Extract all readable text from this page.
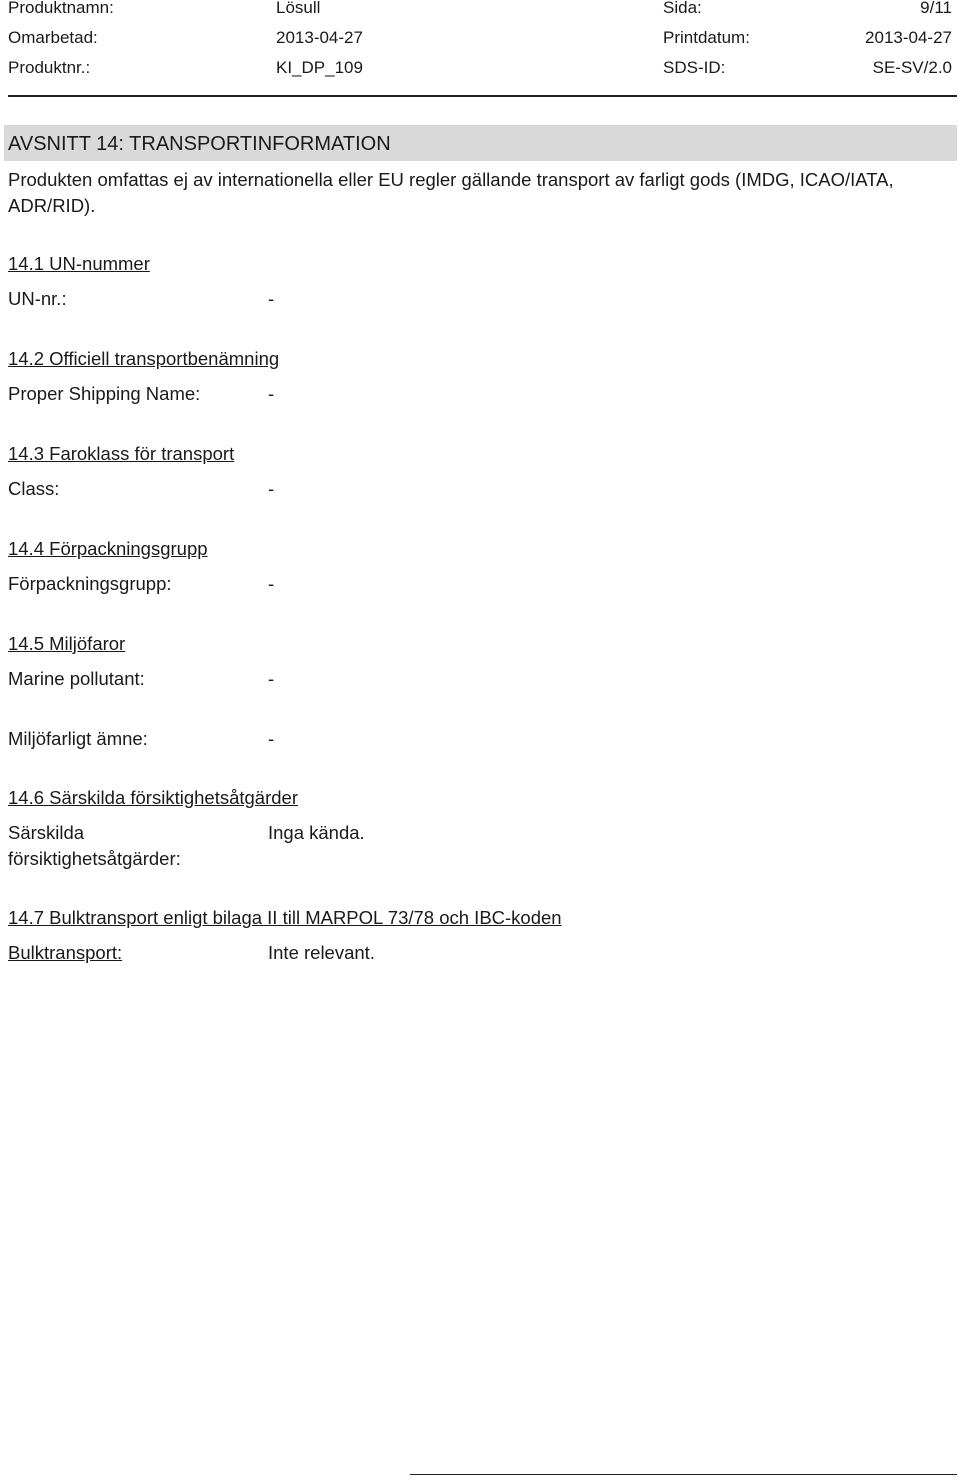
Produktnamn:	Lösull	Sida:	9/11
Omarbetad:	2013-04-27	Printdatum:	2013-04-27
Produktnr.:	KI_DP_109	SDS-ID:	SE-SV/2.0
AVSNITT 14: TRANSPORTINFORMATION

Produkten omfattas ej av internationella eller EU regler gällande transport av farligt gods (IMDG, ICAO/IATA, ADR/RID).

14.1 UN-nummer
UN-nr.:	-
14.2 Officiell transportbenämning
Proper Shipping Name:	-
14.3 Faroklass för transport
Class:	-
14.4 Förpackningsgrupp
Förpackningsgrupp:	-
14.5 Miljöfaror
Marine pollutant:	-
Miljöfarligt ämne:	-
14.6 Särskilda försiktighetsåtgärder
Särskilda försiktighetsåtgärder:
Inga kända.
14.7 Bulktransport enligt bilaga II till MARPOL 73/78 och IBC-koden
Bulktransport:	Inte relevant.
